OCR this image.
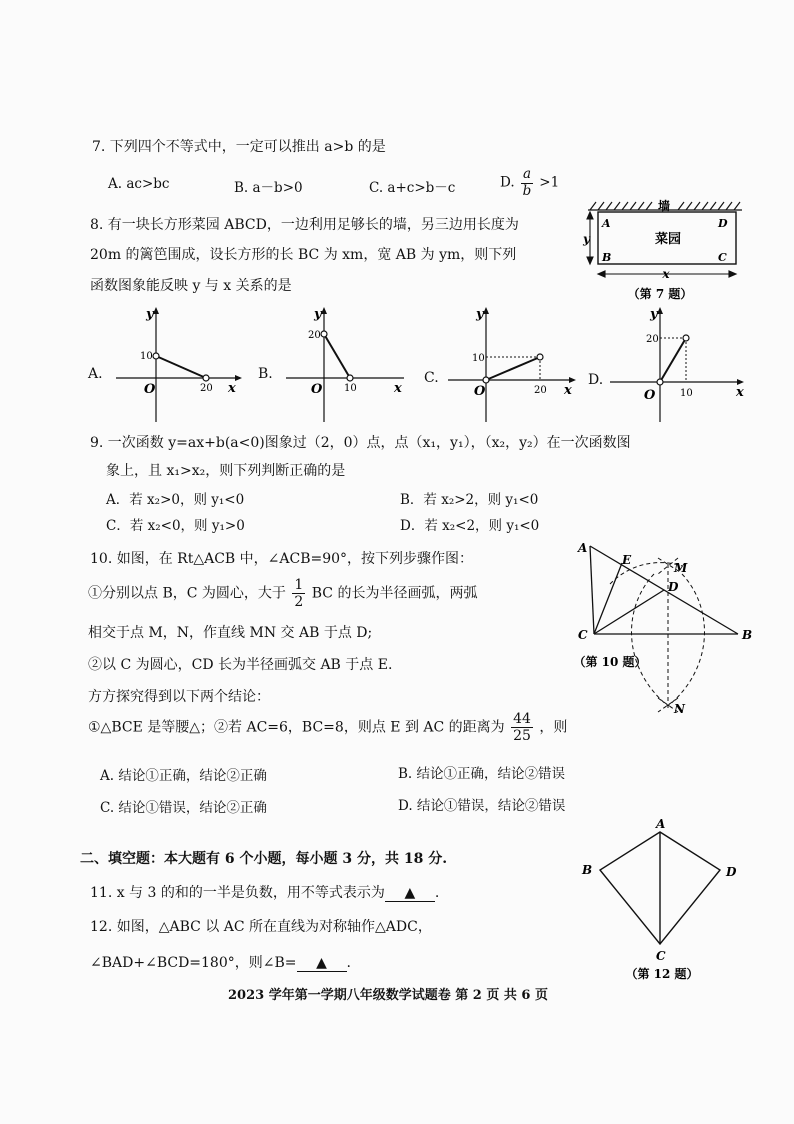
7. 下列四个不等式中，一定可以推出 a>b 的是
A. ac>bc	B. a－b>0	C. a+c>b－c	D. $\frac{a}{b} >1$
8. 有一块长方形菜园 ABCD，一边利用足够长的墙，另三边用长度为
20m 的篱笆围成，设长方形的长 BC 为 xm，宽 AB 为 ym，则下列
函数图象能反映 y 与 x 关系的是
墙
菜园
A
B	C
D
y
x
（第 7 题）
A.
y
x
O
10
20
B.
y
x
O
20
10
C.
y
x
O
10
20
D.
y
x
O
20
10
9. 一次函数 y=ax+b(a<0)图象过（2，0）点，点（x₁，y₁），（x₂，y₂）在一次函数图
象上，且 x₁>x₂，则下列判断正确的是
A．若 x₂>0，则 y₁<0	B．若 x₂>2，则 y₁<0
C．若 x₂<0，则 y₁>0	D．若 x₂<2，则 y₁<0
10. 如图，在 Rt△ACB 中，∠ACB=90°，按下列步骤作图：
①分别以点 B，C 为圆心，大于 $\frac{1}{2}$ BC 的长为半径画弧，两弧
相交于点 M，N，作直线 MN 交 AB 于点 D;
②以 C 为圆心，CD 长为半径画弧交 AB 于点 E.
方方探究得到以下两个结论：
①△BCE 是等腰△；②若 AC=6，BC=8，则点 E 到 AC 的距离为 $\frac{44}{25}$ ，则
A. 结论①正确，结论②正确	B. 结论①正确，结论②错误
C. 结论①错误，结论②正确	D. 结论①错误，结论②错误
A
E
M
D
C	B
N
（第 10 题）
二、填空题：本大题有 6 个小题，每小题 3 分，共 18 分.
11. x 与 3 的和的一半是负数，用不等式表示为 ▲ .
12. 如图，△ABC 以 AC 所在直线为对称轴作△ADC，
∠BAD+∠BCD=180°，则∠B= ▲ .
A
B	D
C
（第 12 题）
2023 学年第一学期八年级数学试题卷 第 2 页 共 6 页
